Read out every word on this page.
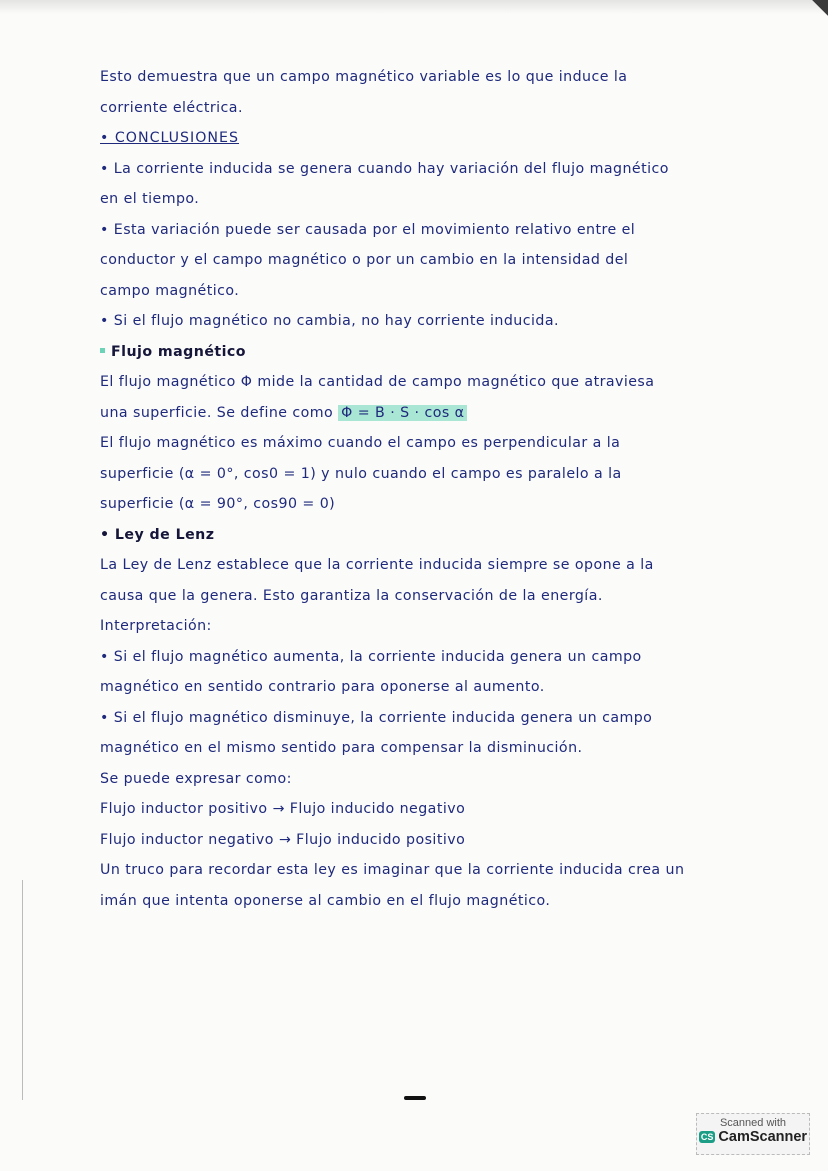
Esto demuestra que un campo magnético variable es lo que induce la
corriente eléctrica.
• CONCLUSIONES
• La corriente inducida se genera cuando hay variación del flujo magnético
en el tiempo.
• Esta variación puede ser causada por el movimiento relativo entre el
conductor y el campo magnético o por un cambio en la intensidad del
campo magnético.
• Si el flujo magnético no cambia, no hay corriente inducida.
Flujo magnético
El flujo magnético Φ mide la cantidad de campo magnético que atraviesa
una superficie. Se define como Φ = B · S · cos α
El flujo magnético es máximo cuando el campo es perpendicular a la
superficie (α = 0°, cos0 = 1) y nulo cuando el campo es paralelo a la
superficie (α = 90°, cos90 = 0)
• Ley de Lenz
La Ley de Lenz establece que la corriente inducida siempre se opone a la
causa que la genera. Esto garantiza la conservación de la energía.
Interpretación:
• Si el flujo magnético aumenta, la corriente inducida genera un campo
magnético en sentido contrario para oponerse al aumento.
• Si el flujo magnético disminuye, la corriente inducida genera un campo
magnético en el mismo sentido para compensar la disminución.
Se puede expresar como:
Flujo inductor positivo → Flujo inducido negativo
Flujo inductor negativo → Flujo inducido positivo
Un truco para recordar esta ley es imaginar que la corriente inducida crea un
imán que intenta oponerse al cambio en el flujo magnético.
Scanned with
CS CamScanner
